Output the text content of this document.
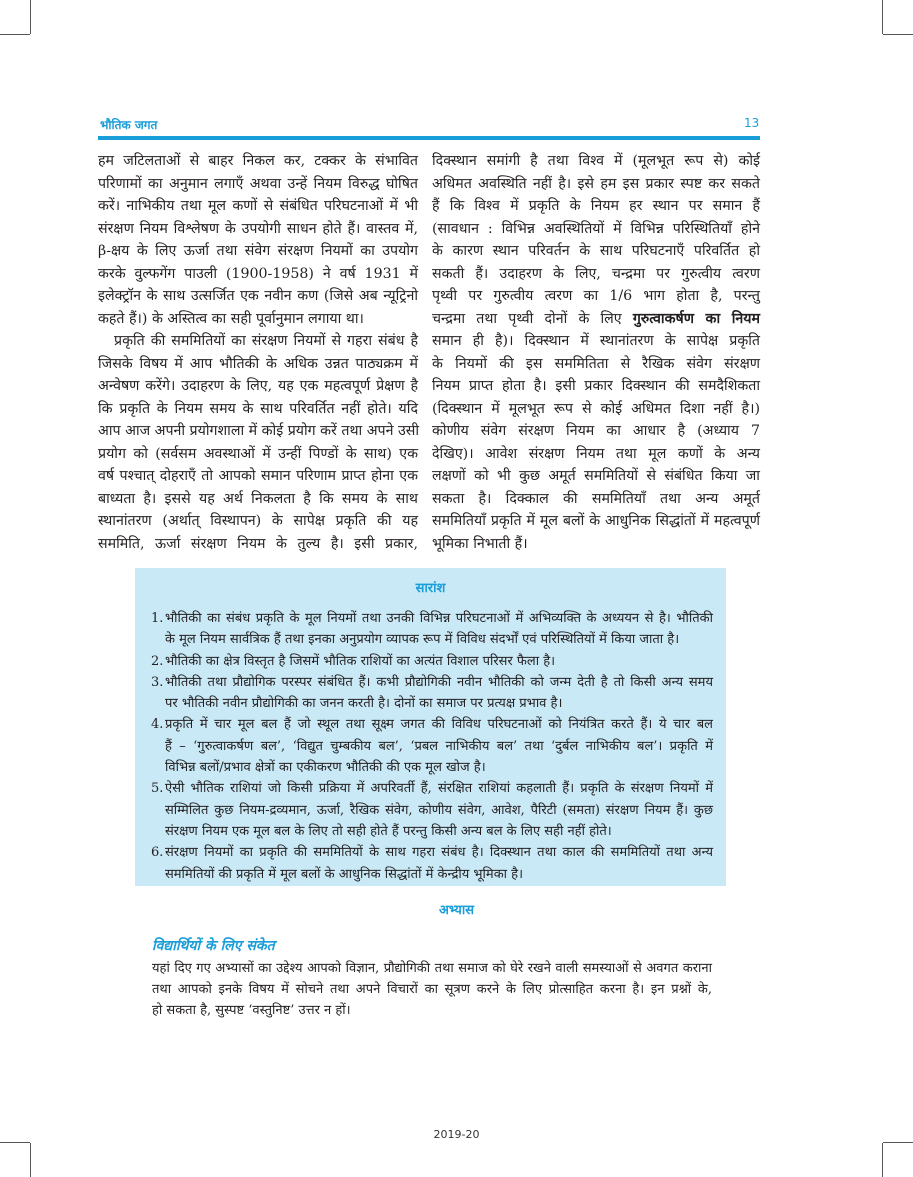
भौतिक जगत	13
हम जटिलताओं से बाहर निकल कर, टक्कर के संभावित
परिणामों का अनुमान लगाएँ अथवा उन्हें नियम विरुद्ध घोषित
करें। नाभिकीय तथा मूल कणों से संबंधित परिघटनाओं में भी
संरक्षण नियम विश्लेषण के उपयोगी साधन होते हैं। वास्तव में,
β-क्षय के लिए ऊर्जा तथा संवेग संरक्षण नियमों का उपयोग
करके वुल्फगेंग पाउली (1900-1958) ने वर्ष 1931 में
इलेक्ट्रॉन के साथ उत्सर्जित एक नवीन कण (जिसे अब न्यूट्रिनो
कहते हैं।) के अस्तित्व का सही पूर्वानुमान लगाया था।
प्रकृति की सममितियों का संरक्षण नियमों से गहरा संबंध है
जिसके विषय में आप भौतिकी के अधिक उन्नत पाठ्यक्रम में
अन्वेषण करेंगे। उदाहरण के लिए, यह एक महत्वपूर्ण प्रेक्षण है
कि प्रकृति के नियम समय के साथ परिवर्तित नहीं होते। यदि
आप आज अपनी प्रयोगशाला में कोई प्रयोग करें तथा अपने उसी
प्रयोग को (सर्वसम अवस्थाओं में उन्हीं पिण्डों के साथ) एक
वर्ष पश्चात् दोहराएँ तो आपको समान परिणाम प्राप्त होना एक
बाध्यता है। इससे यह अर्थ निकलता है कि समय के साथ
स्थानांतरण (अर्थात् विस्थापन) के सापेक्ष प्रकृति की यह
सममिति, ऊर्जा संरक्षण नियम के तुल्य है। इसी प्रकार,
दिक्स्थान समांगी है तथा विश्व में (मूलभूत रूप से) कोई
अधिमत अवस्थिति नहीं है। इसे हम इस प्रकार स्पष्ट कर सकते
हैं कि विश्व में प्रकृति के नियम हर स्थान पर समान हैं
(सावधान : विभिन्न अवस्थितियों में विभिन्न परिस्थितियाँ होने
के कारण स्थान परिवर्तन के साथ परिघटनाएँ परिवर्तित हो
सकती हैं। उदाहरण के लिए, चन्द्रमा पर गुरुत्वीय त्वरण
पृथ्वी पर गुरुत्वीय त्वरण का 1/6 भाग होता है, परन्तु
चन्द्रमा तथा पृथ्वी दोनों के लिए गुरुत्वाकर्षण का नियम
समान ही है)। दिक्स्थान में स्थानांतरण के सापेक्ष प्रकृति
के नियमों की इस सममितिता से रैखिक संवेग संरक्षण
नियम प्राप्त होता है। इसी प्रकार दिक्स्थान की समदैशिकता
(दिक्स्थान में मूलभूत रूप से कोई अधिमत दिशा नहीं है।)
कोणीय संवेग संरक्षण नियम का आधार है (अध्याय 7
देखिए)। आवेश संरक्षण नियम तथा मूल कणों के अन्य
लक्षणों को भी कुछ अमूर्त सममितियों से संबंधित किया जा
सकता है। दिक्काल की सममितियाँ तथा अन्य अमूर्त
सममितियाँ प्रकृति में मूल बलों के आधुनिक सिद्धांतों में महत्वपूर्ण
भूमिका निभाती हैं।
सारांश
1. भौतिकी का संबंध प्रकृति के मूल नियमों तथा उनकी विभिन्न परिघटनाओं में अभिव्यक्ति के अध्ययन से है। भौतिकी
के मूल नियम सार्वत्रिक हैं तथा इनका अनुप्रयोग व्यापक रूप में विविध संदर्भों एवं परिस्थितियों में किया जाता है।
2. भौतिकी का क्षेत्र विस्तृत है जिसमें भौतिक राशियों का अत्यंत विशाल परिसर फैला है।
3. भौतिकी तथा प्रौद्योगिक परस्पर संबंधित हैं। कभी प्रौद्योगिकी नवीन भौतिकी को जन्म देती है तो किसी अन्य समय
पर भौतिकी नवीन प्रौद्योगिकी का जनन करती है। दोनों का समाज पर प्रत्यक्ष प्रभाव है।
4. प्रकृति में चार मूल बल हैं जो स्थूल तथा सूक्ष्म जगत की विविध परिघटनाओं को नियंत्रित करते हैं। ये चार बल
हैं – ‘गुरुत्वाकर्षण बल’, ‘विद्युत चुम्बकीय बल’, ‘प्रबल नाभिकीय बल’ तथा ‘दुर्बल नाभिकीय बल’। प्रकृति में
विभिन्न बलों/प्रभाव क्षेत्रों का एकीकरण भौतिकी की एक मूल खोज है।
5. ऐसी भौतिक राशियां जो किसी प्रक्रिया में अपरिवर्ती हैं, संरक्षित राशियां कहलाती हैं। प्रकृति के संरक्षण नियमों में
सम्मिलित कुछ नियम-द्रव्यमान, ऊर्जा, रैखिक संवेग, कोणीय संवेग, आवेश, पैरिटी (समता) संरक्षण नियम हैं। कुछ
संरक्षण नियम एक मूल बल के लिए तो सही होते हैं परन्तु किसी अन्य बल के लिए सही नहीं होते।
6. संरक्षण नियमों का प्रकृति की सममितियों के साथ गहरा संबंध है। दिक्स्थान तथा काल की सममितियों तथा अन्य
सममितियों की प्रकृति में मूल बलों के आधुनिक सिद्धांतों में केन्द्रीय भूमिका है।
अभ्यास
विद्यार्थियों के लिए संकेत
यहां दिए गए अभ्यासों का उद्देश्य आपको विज्ञान, प्रौद्योगिकी तथा समाज को घेरे रखने वाली समस्याओं से अवगत कराना
तथा आपको इनके विषय में सोचने तथा अपने विचारों का सूत्रण करने के लिए प्रोत्साहित करना है। इन प्रश्नों के,
हो सकता है, सुस्पष्ट ‘वस्तुनिष्ट’ उत्तर न हों।
2019-20
